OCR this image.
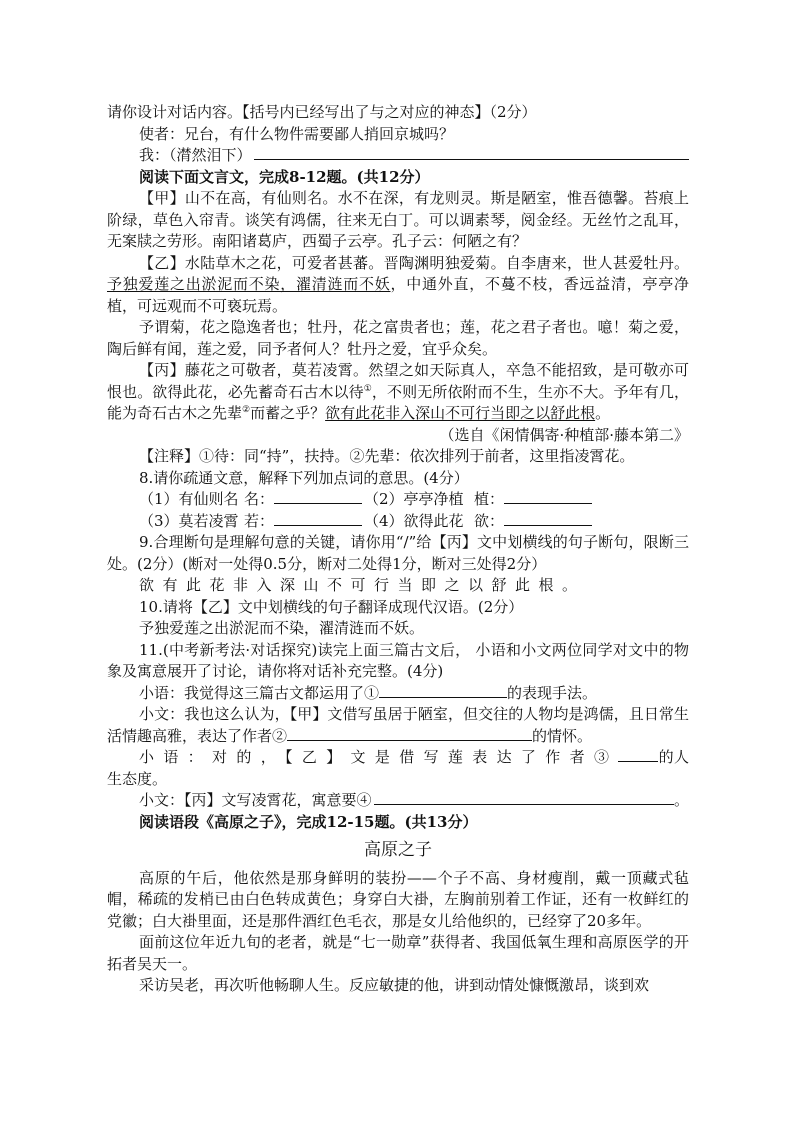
请你设计对话内容。【括号内已经写出了与之对应的神态】（2分）

使者：兄台，有什么物件需要鄙人捎回京城吗？

我：（潸然泪下）

阅读下面文言文，完成8-12题。(共12分）

【甲】山不在高，有仙则名。水不在深，有龙则灵。斯是陋室，惟吾德馨。苔痕上阶绿，草色入帘青。谈笑有鸿儒，往来无白丁。可以调素琴，阅金经。无丝竹之乱耳，无案牍之劳形。南阳诸葛庐，西蜀子云亭。孔子云：何陋之有？

【乙】水陆草木之花，可爱者甚蕃。晋陶渊明独爱菊。自李唐来，世人甚爱牡丹。予独爱莲之出淤泥而不染，濯清涟而不妖，中通外直，不蔓不枝，香远益清，亭亭净植，可远观而不可亵玩焉。

予谓菊，花之隐逸者也；牡丹，花之富贵者也；莲，花之君子者也。噫！菊之爱，陶后鲜有闻，莲之爱，同予者何人？牡丹之爱，宜乎众矣。

【丙】藤花之可敬者，莫若凌霄。然望之如天际真人，卒急不能招致，是可敬亦可恨也。欲得此花，必先蓄奇石古木以待①，不则无所依附而不生，生亦不大。予年有几，能为奇石古木之先辈②而蓄之乎？欲有此花非入深山不可行当即之以舒此根。

（选自《闲情偶寄·种植部·藤本第二》

【注释】①待：同“持”，扶持。②先辈：依次排列于前者，这里指凌霄花。

8.请你疏通文意，解释下列加点词的意思。(4分）

（1）有仙则名 名：	（2）亭亭净植 植：
（3）莫若凌霄 若：	（4）欲得此花 欲：

9.合理断句是理解句意的关键，请你用“/”给【丙】文中划横线的句子断句，限断三处。(2分）(断对一处得0.5分，断对二处得1分，断对三处得2分）

欲有此花非入深山不可行当即之以舒此根。

10.请将【乙】文中划横线的句子翻译成现代汉语。(2分）

予独爱莲之出淤泥而不染，濯清涟而不妖。

11.(中考新考法·对话探究)读完上面三篇古文后， 小语和小文两位同学对文中的物象及寓意展开了讨论，请你将对话补充完整。(4分)

小语：我觉得这三篇古文都运用了①	的表现手法。

小文：我也这么认为，【甲】文借写虽居于陋室，但交往的人物均是鸿儒，且日常生活情趣高雅，表达了作者②	的情怀。

小语：对的，【乙】文是借写莲表达了作者③	的人生态度。

小文：【丙】文写凌霄花，寓意要④	。

阅读语段《高原之子》，完成12-15题。(共13分）

高原之子

高原的午后，他依然是那身鲜明的装扮——个子不高、身材瘦削，戴一顶藏式毡帽，稀疏的发梢已由白色转成黄色；身穿白大褂，左胸前别着工作证，还有一枚鲜红的党徽；白大褂里面，还是那件酒红色毛衣，那是女儿给他织的，已经穿了20多年。

面前这位年近九旬的老者，就是“七一勋章”获得者、我国低氧生理和高原医学的开拓者吴天一。

采访吴老，再次听他畅聊人生。反应敏捷的他，讲到动情处慷慨激昂，谈到欢
